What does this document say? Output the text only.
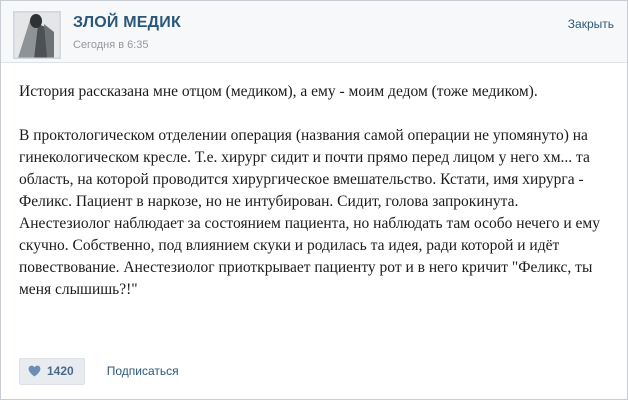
ЗЛОЙ МЕДИК
Сегодня в 6:35
Закрыть

История рассказана мне отцом (медиком), а ему - моим дедом (тоже медиком).

В проктологическом отделении операция (названия самой операции не упомянуто) на гинекологическом кресле. Т.е. хирург сидит и почти прямо перед лицом у него хм... та область, на которой проводится хирургическое вмешательство. Кстати, имя хирурга - Феликс. Пациент в наркозе, но не интубирован. Сидит, голова запрокинута. Анестезиолог наблюдает за состоянием пациента, но наблюдать там особо нечего и ему скучно. Собственно, под влиянием скуки и родилась та идея, ради которой и идёт повествование. Анестезиолог приоткрывает пациенту рот и в него кричит "Феликс, ты меня слышишь?!"

1420	Подписаться
